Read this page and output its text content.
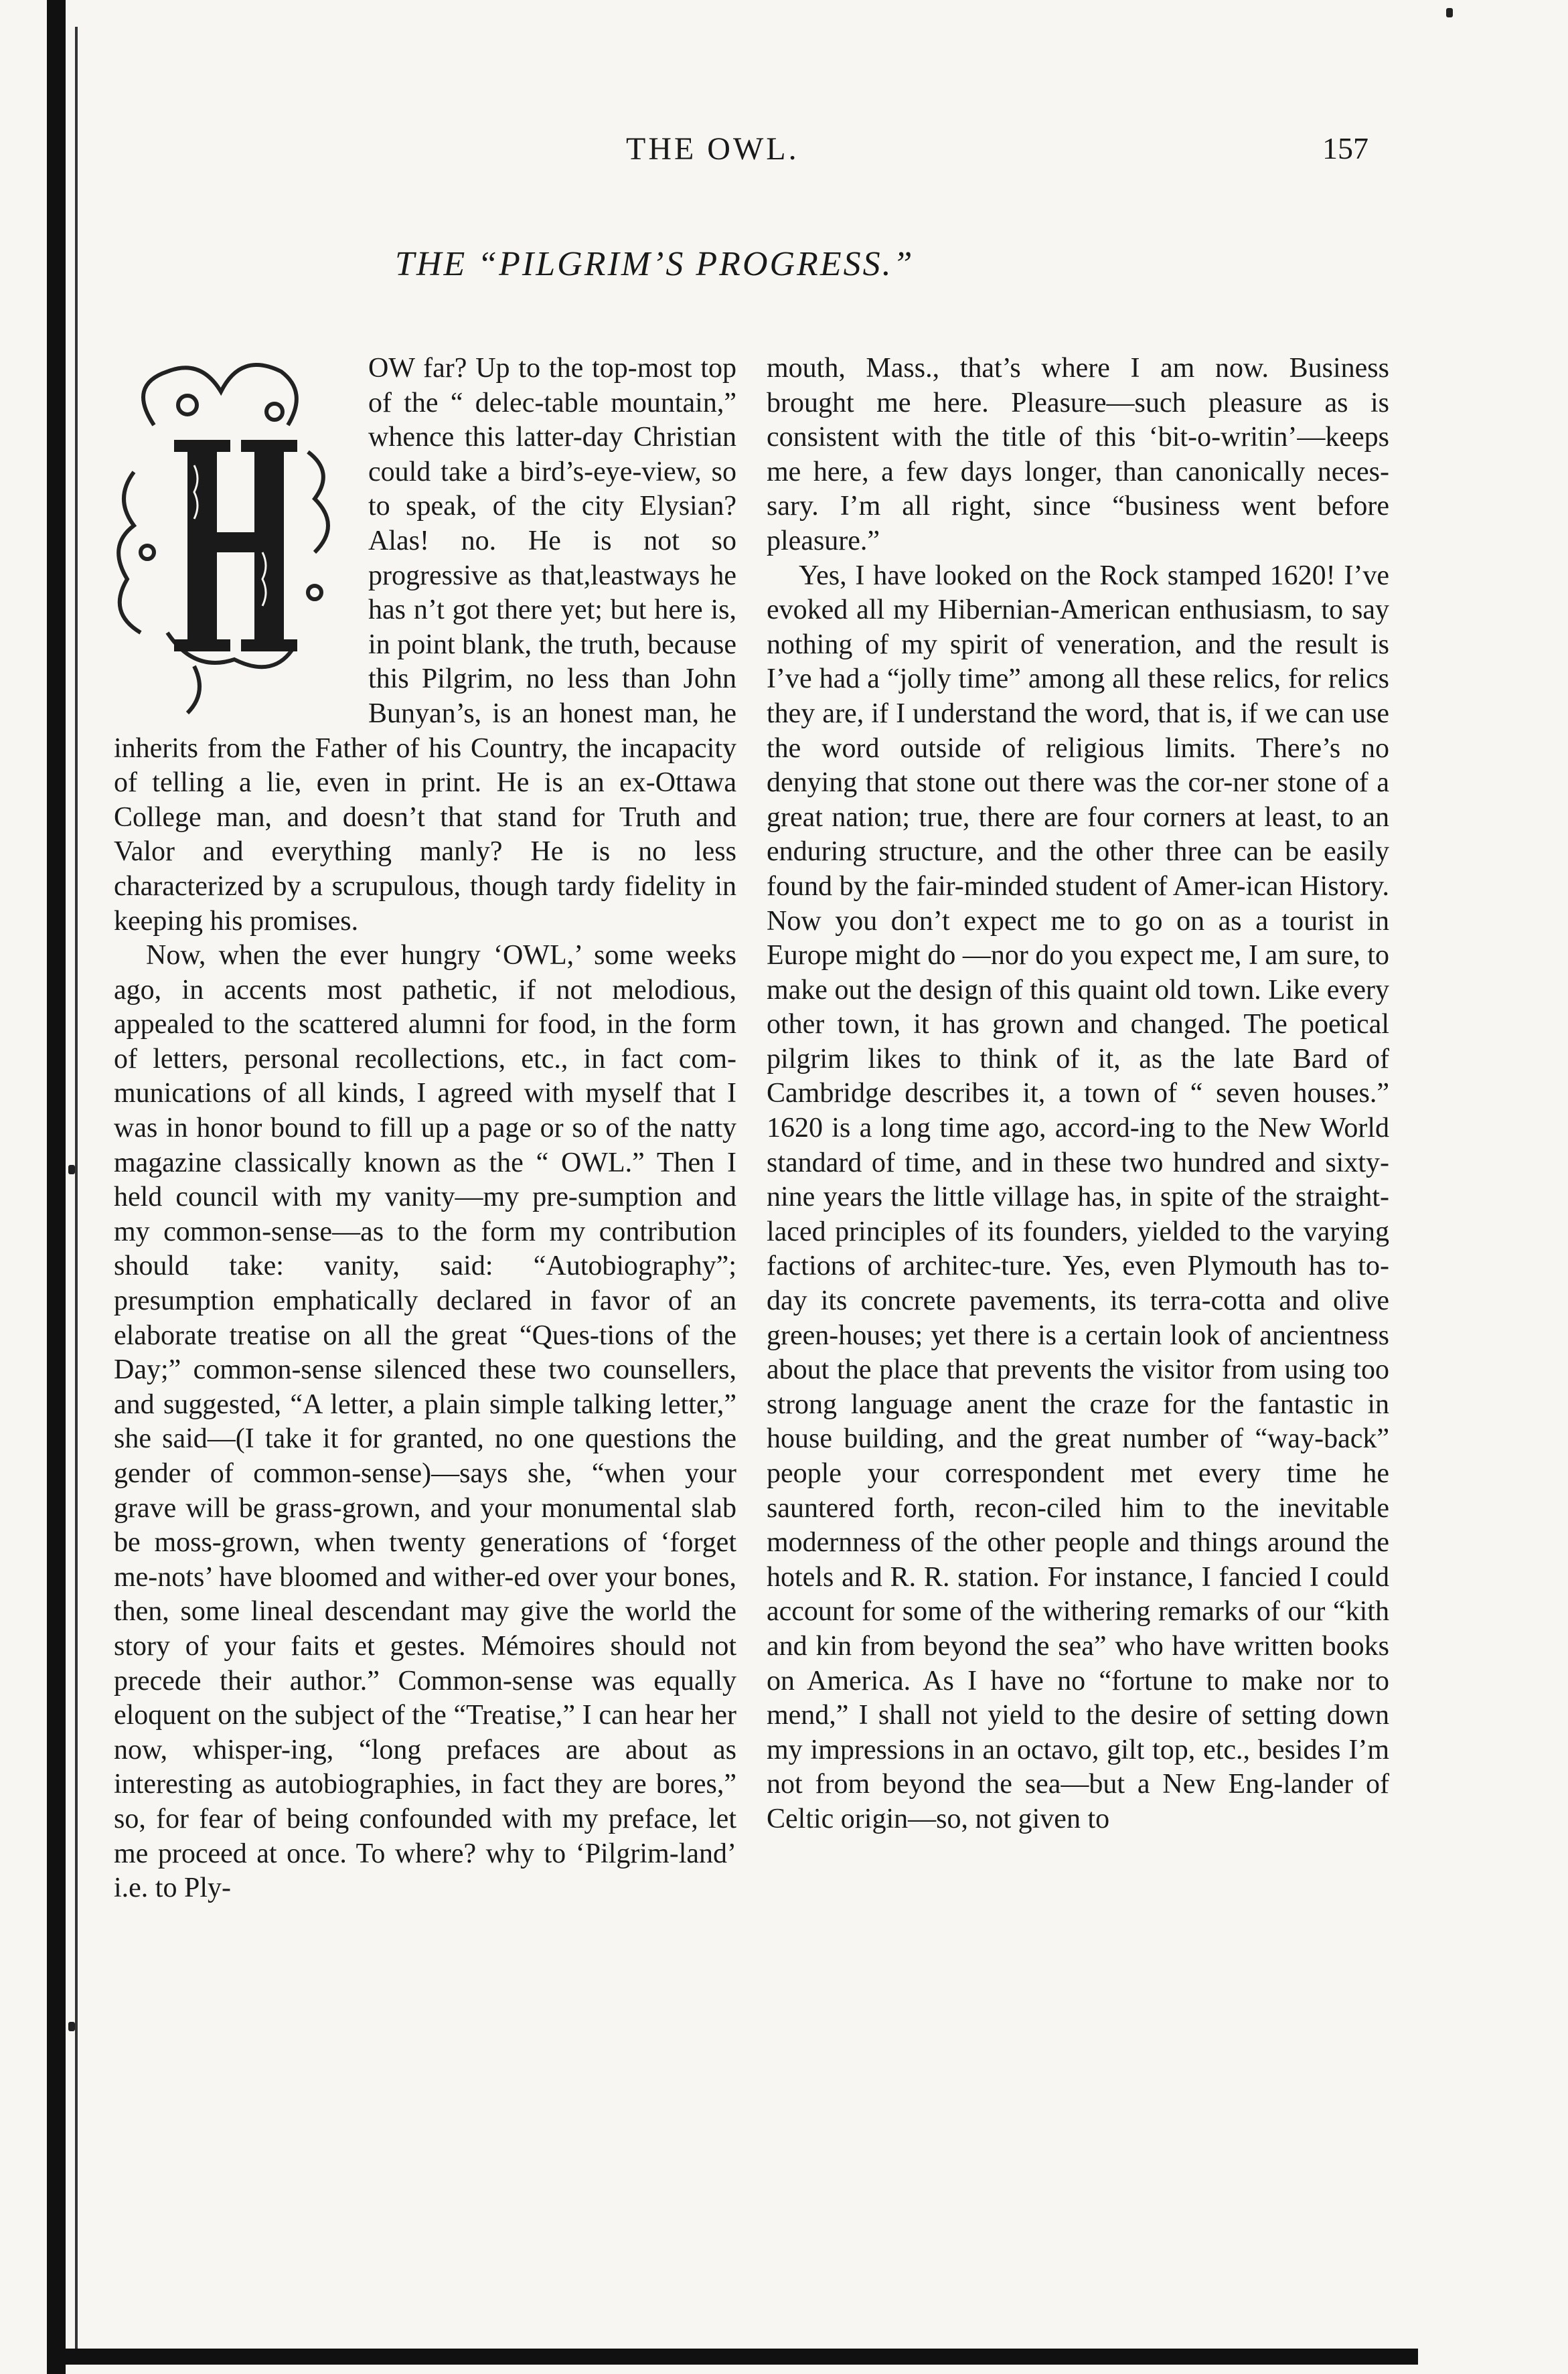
THE OWL.	157
THE “PILGRIM’S PROGRESS.”

OW far? Up to the top-most top of the “ delec-table mountain,” whence this latter-day Christian could take a bird’s-eye-view, so to speak, of the city Elysian? Alas! no. He is not so progressive as that,leastways he has n’t got there yet; but here is, in point blank, the truth, because this Pilgrim, no less than John Bunyan’s, is an honest man, he inherits from the Father of his Country, the incapacity of telling a lie, even in print. He is an ex-Ottawa College man, and doesn’t that stand for Truth and Valor and everything manly? He is no less characterized by a scrupulous, though tardy fidelity in keeping his promises.

Now, when the ever hungry ‘OWL,’ some weeks ago, in accents most pathetic, if not melodious, appealed to the scattered alumni for food, in the form of letters, personal recollections, etc., in fact com-munications of all kinds, I agreed with myself that I was in honor bound to fill up a page or so of the natty magazine classically known as the “ OWL.” Then I held council with my vanity—my pre-sumption and my common-sense—as to the form my contribution should take: vanity, said: “Autobiography”; presumption emphatically declared in favor of an elaborate treatise on all the great “Ques-tions of the Day;” common-sense silenced these two counsellers, and suggested, “A letter, a plain simple talking letter,” she said—(I take it for granted, no one questions the gender of common-sense)—says she, “when your grave will be grass-grown, and your monumental slab be moss-grown, when twenty generations of ‘forget me-nots’ have bloomed and wither-ed over your bones, then, some lineal descendant may give the world the story of your faits et gestes. Mémoires should not precede their author.” Common-sense was equally eloquent on the subject of the “Treatise,” I can hear her now, whisper-ing, “long prefaces are about as interesting as autobiographies, in fact they are bores,” so, for fear of being confounded with my preface, let me proceed at once. To where? why to ‘Pilgrim-land’ i.e. to Ply-

mouth, Mass., that’s where I am now. Business brought me here. Pleasure—such pleasure as is consistent with the title of this ‘bit-o-writin’—keeps me here, a few days longer, than canonically neces-sary. I’m all right, since “business went before pleasure.”

Yes, I have looked on the Rock stamped 1620! I’ve evoked all my Hibernian-American enthusiasm, to say nothing of my spirit of veneration, and the result is I’ve had a “jolly time” among all these relics, for relics they are, if I understand the word, that is, if we can use the word outside of religious limits. There’s no denying that stone out there was the cor-ner stone of a great nation; true, there are four corners at least, to an enduring structure, and the other three can be easily found by the fair-minded student of Amer-ican History. Now you don’t expect me to go on as a tourist in Europe might do —nor do you expect me, I am sure, to make out the design of this quaint old town. Like every other town, it has grown and changed. The poetical pilgrim likes to think of it, as the late Bard of Cambridge describes it, a town of “ seven houses.” 1620 is a long time ago, accord-ing to the New World standard of time, and in these two hundred and sixty-nine years the little village has, in spite of the straight-laced principles of its founders, yielded to the varying factions of architec-ture. Yes, even Plymouth has to-day its concrete pavements, its terra-cotta and olive green-houses; yet there is a certain look of ancientness about the place that prevents the visitor from using too strong language anent the craze for the fantastic in house building, and the great number of “way-back” people your correspondent met every time he sauntered forth, recon-ciled him to the inevitable modernness of the other people and things around the hotels and R. R. station. For instance, I fancied I could account for some of the withering remarks of our “kith and kin from beyond the sea” who have written books on America. As I have no “fortune to make nor to mend,” I shall not yield to the desire of setting down my impressions in an octavo, gilt top, etc., besides I’m not from beyond the sea—but a New Eng-lander of Celtic origin—so, not given to
